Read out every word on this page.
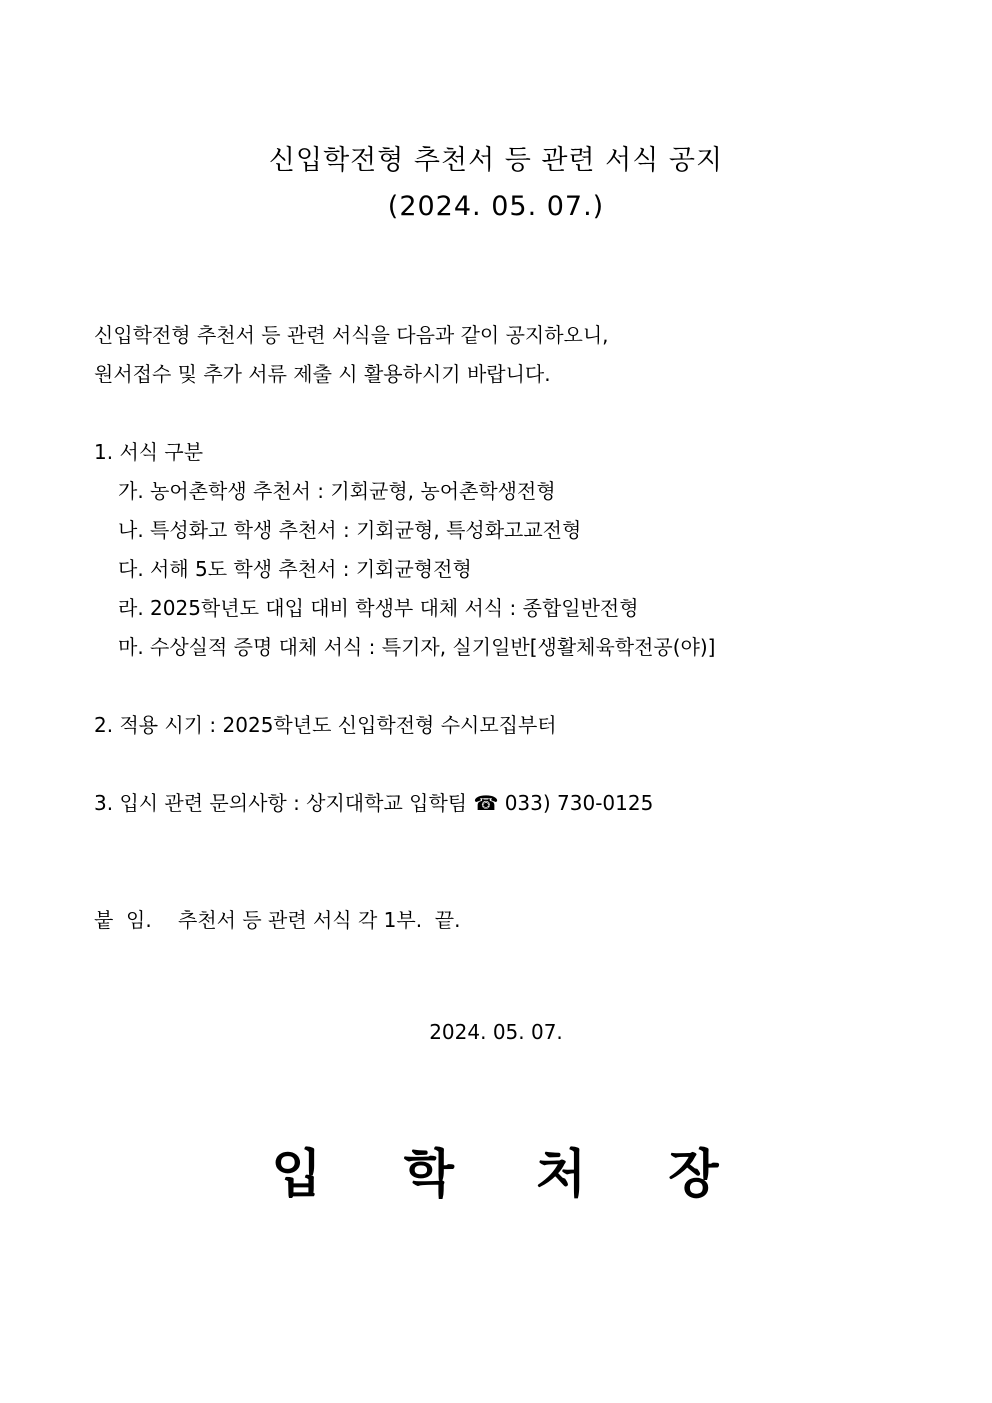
신입학전형 추천서 등 관련 서식 공지
(2024. 05. 07.)
신입학전형 추천서 등 관련 서식을 다음과 같이 공지하오니,
원서접수 및 추가 서류 제출 시 활용하시기 바랍니다.
1. 서식 구분
가. 농어촌학생 추천서 : 기회균형, 농어촌학생전형
나. 특성화고 학생 추천서 : 기회균형, 특성화고교전형
다. 서해 5도 학생 추천서 : 기회균형전형
라. 2025학년도 대입 대비 학생부 대체 서식 : 종합일반전형
마. 수상실적 증명 대체 서식 : 특기자, 실기일반[생활체육학전공(야)]
2. 적용 시기 : 2025학년도 신입학전형 수시모집부터
3. 입시 관련 문의사항 : 상지대학교 입학팀 ☎ 033) 730-0125
붙  임. 추천서 등 관련 서식 각 1부.  끝.
2024. 05. 07.
입 학 처 장
